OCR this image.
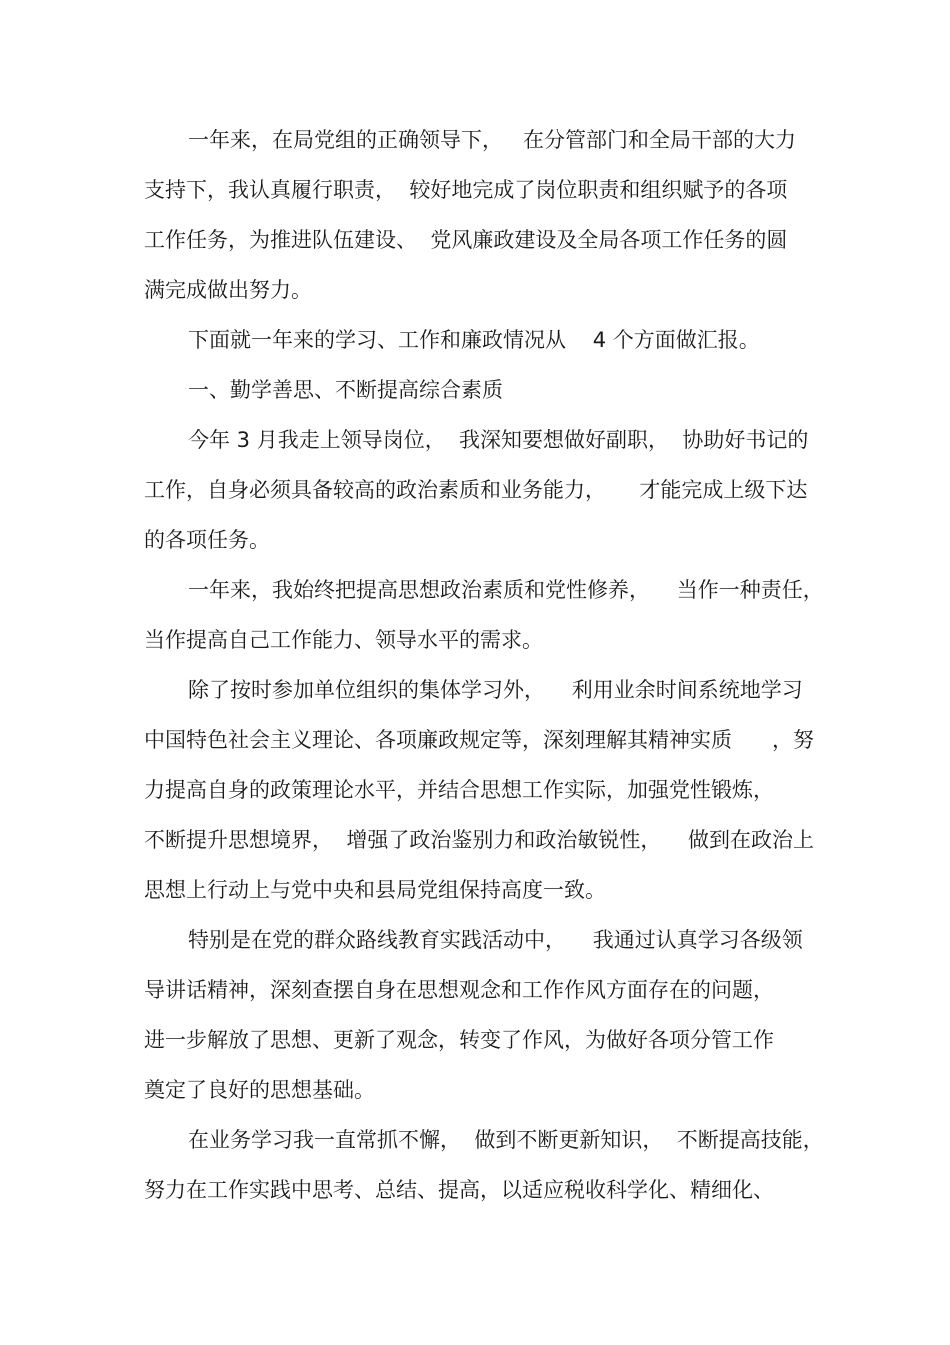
一年来，在局党组的正确领导下，   在分管部门和全局干部的大力
支持下，我认真履行职责，  较好地完成了岗位职责和组织赋予的各项
工作任务，为推进队伍建设、  党风廉政建设及全局各项工作任务的圆
满完成做出努力。
下面就一年来的学习、工作和廉政情况从    4 个方面做汇报。
一、勤学善思、不断提高综合素质
今年 3 月我走上领导岗位，  我深知要想做好副职，  协助好书记的
工作，自身必须具备较高的政治素质和业务能力，     才能完成上级下达
的各项任务。
一年来，我始终把提高思想政治素质和党性修养，    当作一种责任，
当作提高自己工作能力、领导水平的需求。
除了按时参加单位组织的集体学习外，    利用业余时间系统地学习
中国特色社会主义理论、各项廉政规定等，深刻理解其精神实质      ，努
力提高自身的政策理论水平，并结合思想工作实际，加强党性锻炼，
不断提升思想境界，  增强了政治鉴别力和政治敏锐性，    做到在政治上
思想上行动上与党中央和县局党组保持高度一致。
特别是在党的群众路线教育实践活动中，    我通过认真学习各级领
导讲话精神，深刻查摆自身在思想观念和工作作风方面存在的问题，
进一步解放了思想、更新了观念，转变了作风，为做好各项分管工作
奠定了良好的思想基础。
在业务学习我一直常抓不懈，  做到不断更新知识，  不断提高技能，
努力在工作实践中思考、总结、提高，以适应税收科学化、精细化、
